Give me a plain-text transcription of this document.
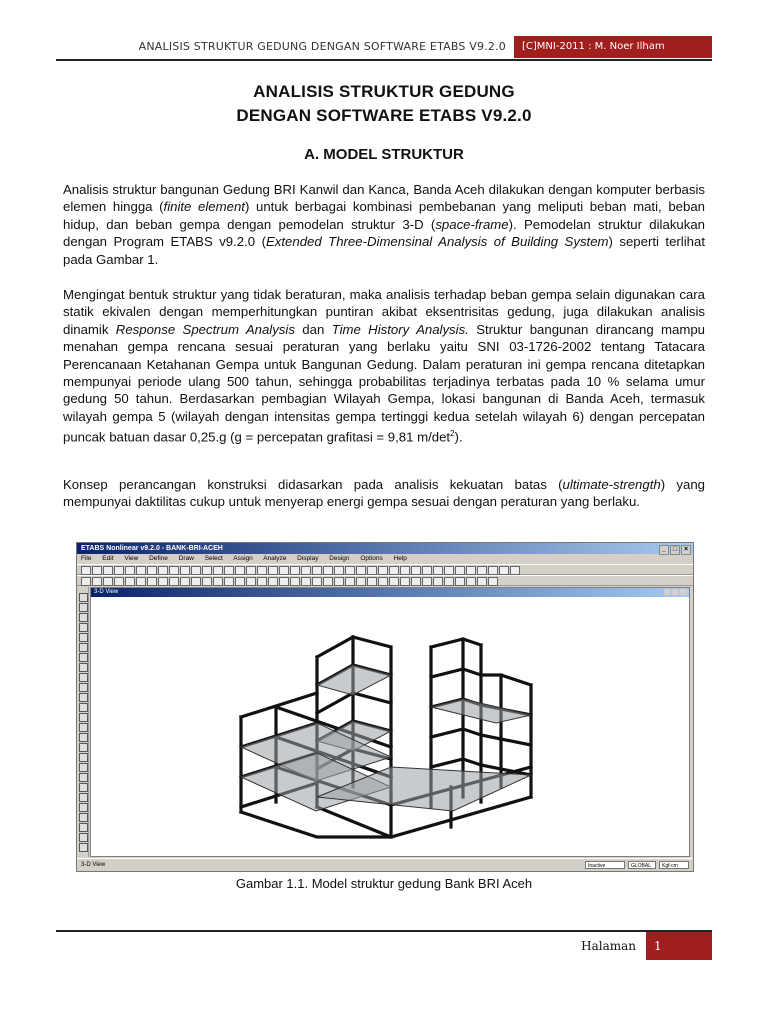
ANALISIS STRUKTUR GEDUNG DENGAN SOFTWARE ETABS V9.2.0	[C]MNI-2011 : M. Noer Ilham
ANALISIS STRUKTUR GEDUNG
DENGAN SOFTWARE ETABS V9.2.0
A. MODEL STRUKTUR

Analisis struktur bangunan Gedung BRI Kanwil dan Kanca, Banda Aceh dilakukan dengan komputer berbasis elemen hingga (finite element) untuk berbagai kombinasi pembebanan yang meliputi beban mati, beban hidup, dan beban gempa dengan pemodelan struktur 3-D (space-frame). Pemodelan struktur dilakukan dengan Program ETABS v9.2.0 (Extended Three-Dimensinal Analysis of Building System) seperti terlihat pada Gambar 1.

Mengingat bentuk struktur yang tidak beraturan, maka analisis terhadap beban gempa selain digunakan cara statik ekivalen dengan memperhitungkan puntiran akibat eksentrisitas gedung, juga dilakukan analisis dinamik Response Spectrum Analysis dan Time History Analysis. Struktur bangunan dirancang mampu menahan gempa rencana sesuai peraturan yang berlaku yaitu SNI 03-1726-2002 tentang Tatacara Perencanaan Ketahanan Gempa untuk Bangunan Gedung. Dalam peraturan ini gempa rencana ditetapkan mempunyai periode ulang 500 tahun, sehingga probabilitas terjadinya terbatas pada 10 % selama umur gedung 50 tahun. Berdasarkan pembagian Wilayah Gempa, lokasi bangunan di Banda Aceh, termasuk wilayah gempa 5 (wilayah dengan intensitas gempa tertinggi kedua setelah wilayah 6) dengan percepatan puncak batuan dasar 0,25.g (g = percepatan grafitasi = 9,81 $m/\det^2$).

Konsep perancangan konstruksi didasarkan pada analisis kekuatan batas (ultimate-strength) yang mempunyai daktilitas cukup untuk menyerap energi gempa sesuai dengan peraturan yang berlaku.

ETABS Nonlinear v9.2.0 - BANK-BRI-ACEH	_ □ ×
File Edit View Define Draw Select Assign Analyze Display Design Options Help
3-D View
3-D View	Inactive	GLOBAL	Kgf-cm
Gambar 1.1. Model struktur gedung Bank BRI Aceh
Halaman	1
